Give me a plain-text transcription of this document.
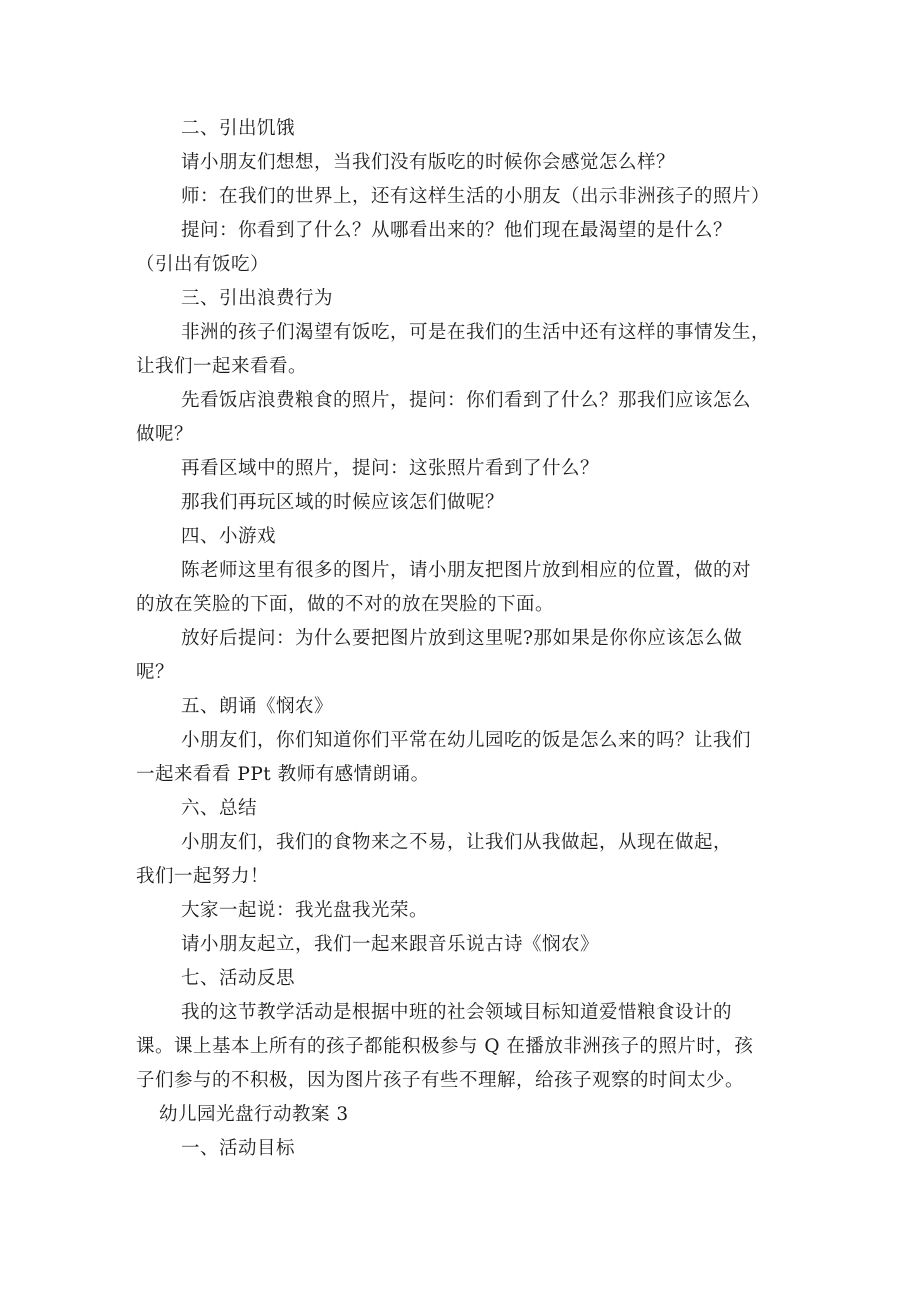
二、引出饥饿
请小朋友们想想，当我们没有版吃的时候你会感觉怎么样？
师：在我们的世界上，还有这样生活的小朋友（出示非洲孩子的照片）
提问：你看到了什么？从哪看出来的？他们现在最渴望的是什么？
（引出有饭吃）
三、引出浪费行为
非洲的孩子们渴望有饭吃，可是在我们的生活中还有这样的事情发生，
让我们一起来看看。
先看饭店浪费粮食的照片，提问：你们看到了什么？那我们应该怎么
做呢？
再看区域中的照片，提问：这张照片看到了什么？
那我们再玩区域的时候应该怎们做呢？
四、小游戏
陈老师这里有很多的图片，请小朋友把图片放到相应的位置，做的对
的放在笑脸的下面，做的不对的放在哭脸的下面。
放好后提问：为什么要把图片放到这里呢?那如果是你你应该怎么做
呢？
五、朗诵《悯农》
小朋友们，你们知道你们平常在幼儿园吃的饭是怎么来的吗？让我们
一起来看看 PPt 教师有感情朗诵。
六、总结
小朋友们，我们的食物来之不易，让我们从我做起，从现在做起，
我们一起努力！
大家一起说：我光盘我光荣。
请小朋友起立，我们一起来跟音乐说古诗《悯农》
七、活动反思
我的这节教学活动是根据中班的社会领域目标知道爱惜粮食设计的
课。课上基本上所有的孩子都能积极参与 Q 在播放非洲孩子的照片时，孩
子们参与的不积极，因为图片孩子有些不理解，给孩子观察的时间太少。
幼儿园光盘行动教案 3
一、活动目标
